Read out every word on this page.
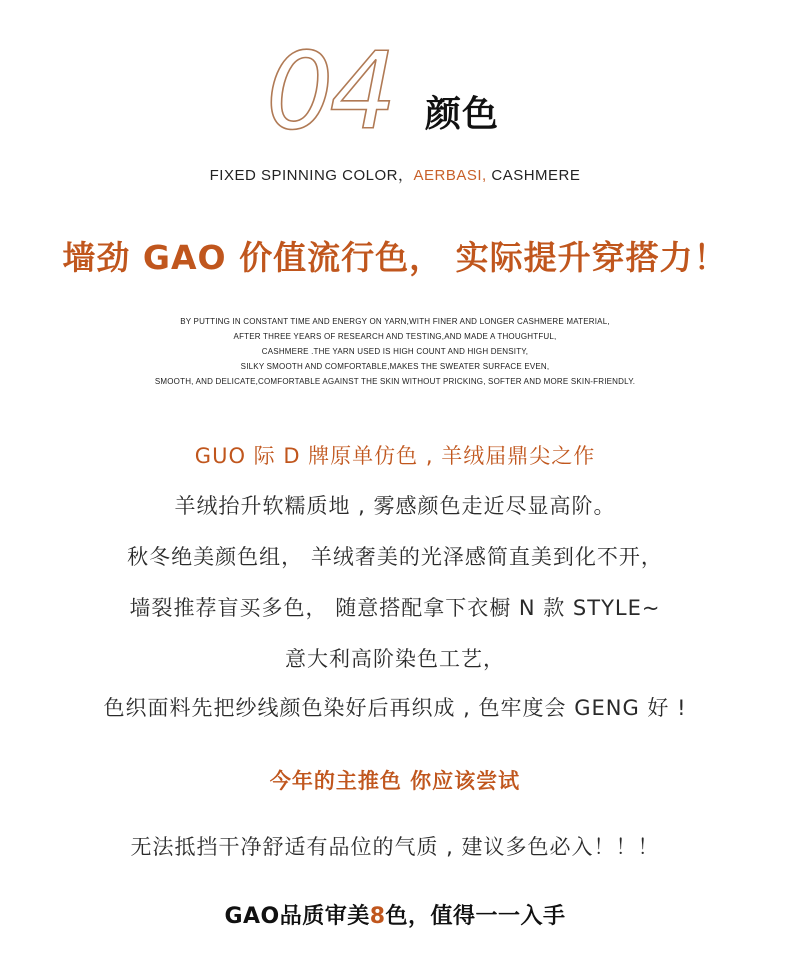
04 颜色
FIXED SPINNING COLOR，AERBASI, CASHMERE
墙劲 GAO 价值流行色， 实际提升穿搭力！
BY PUTTING IN CONSTANT TIME AND ENERGY ON YARN,WITH FINER AND LONGER CASHMERE MATERIAL,
AFTER THREE YEARS OF RESEARCH AND TESTING,AND MADE A THOUGHTFUL,
CASHMERE .THE YARN USED IS HIGH COUNT AND HIGH DENSITY,
SILKY SMOOTH AND COMFORTABLE,MAKES THE SWEATER SURFACE EVEN,
SMOOTH, AND DELICATE,COMFORTABLE AGAINST THE SKIN WITHOUT PRICKING, SOFTER AND MORE SKIN-FRIENDLY.
GUO 际 D 牌原单仿色 , 羊绒届鼎尖之作
羊绒抬升软糯质地 , 雾感颜色走近尽显高阶。
秋冬绝美颜色组， 羊绒奢美的光泽感简直美到化不开，
墙裂推荐盲买多色， 随意搭配拿下衣橱 N 款 STYLE~
意大利高阶染色工艺，
色织面料先把纱线颜色染好后再织成 , 色牢度会 GENG 好 !
今年的主推色 你应该尝试
无法抵挡干净舒适有品位的气质 , 建议多色必入！！！
GAO品质审美8色，值得一一入手
